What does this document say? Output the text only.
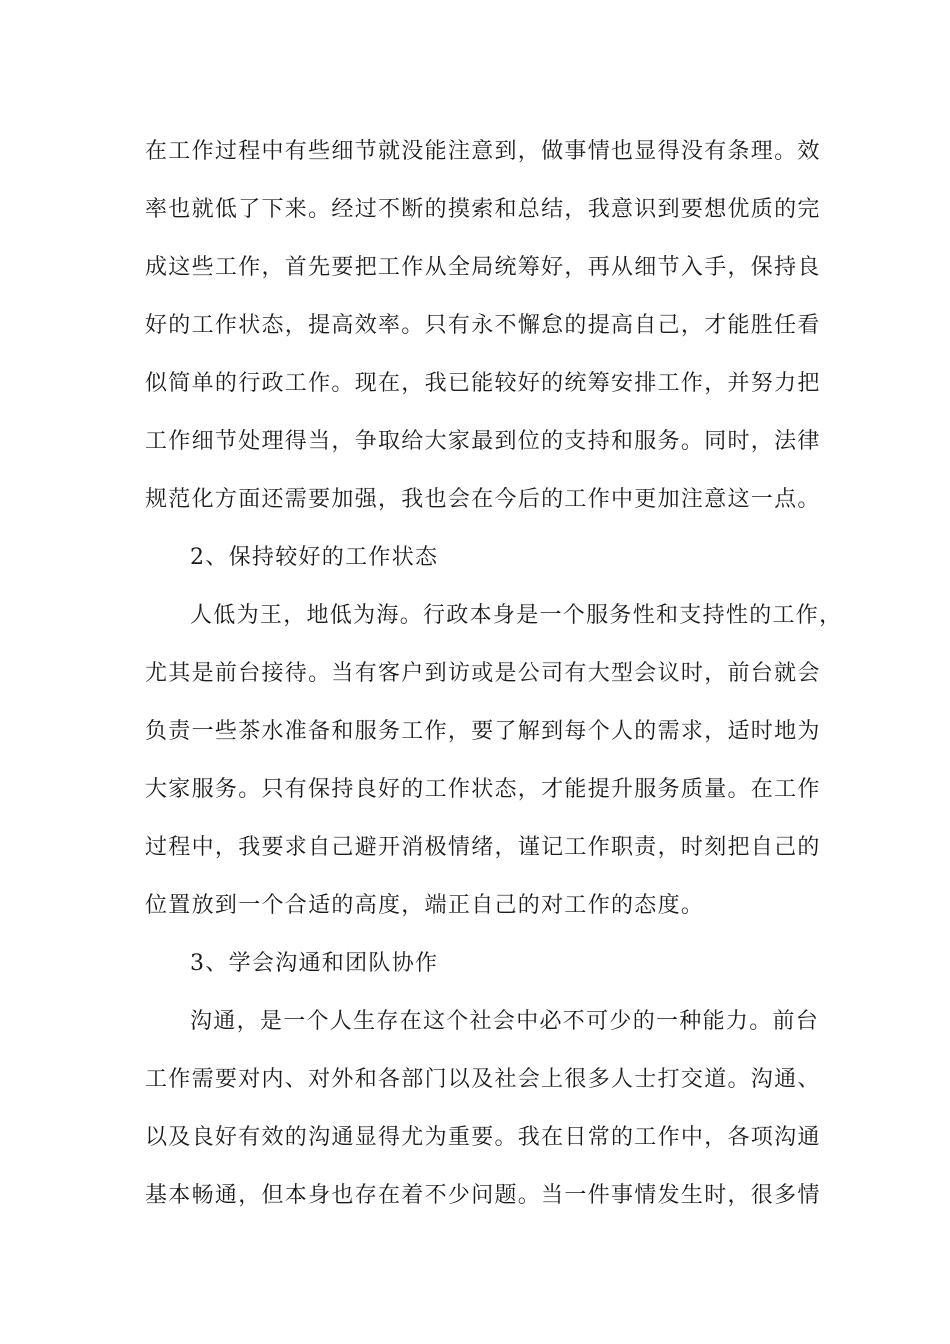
在工作过程中有些细节就没能注意到，做事情也显得没有条理。效
率也就低了下来。经过不断的摸索和总结，我意识到要想优质的完
成这些工作，首先要把工作从全局统筹好，再从细节入手，保持良
好的工作状态，提高效率。只有永不懈怠的提高自己，才能胜任看
似简单的行政工作。现在，我已能较好的统筹安排工作，并努力把
工作细节处理得当，争取给大家最到位的支持和服务。同时，法律
规范化方面还需要加强，我也会在今后的工作中更加注意这一点。
2、保持较好的工作状态
人低为王，地低为海。行政本身是一个服务性和支持性的工作，
尤其是前台接待。当有客户到访或是公司有大型会议时，前台就会
负责一些茶水准备和服务工作，要了解到每个人的需求，适时地为
大家服务。只有保持良好的工作状态，才能提升服务质量。在工作
过程中，我要求自己避开消极情绪，谨记工作职责，时刻把自己的
位置放到一个合适的高度，端正自己的对工作的态度。
3、学会沟通和团队协作
沟通，是一个人生存在这个社会中必不可少的一种能力。前台
工作需要对内、对外和各部门以及社会上很多人士打交道。沟通、
以及良好有效的沟通显得尤为重要。我在日常的工作中，各项沟通
基本畅通，但本身也存在着不少问题。当一件事情发生时，很多情
